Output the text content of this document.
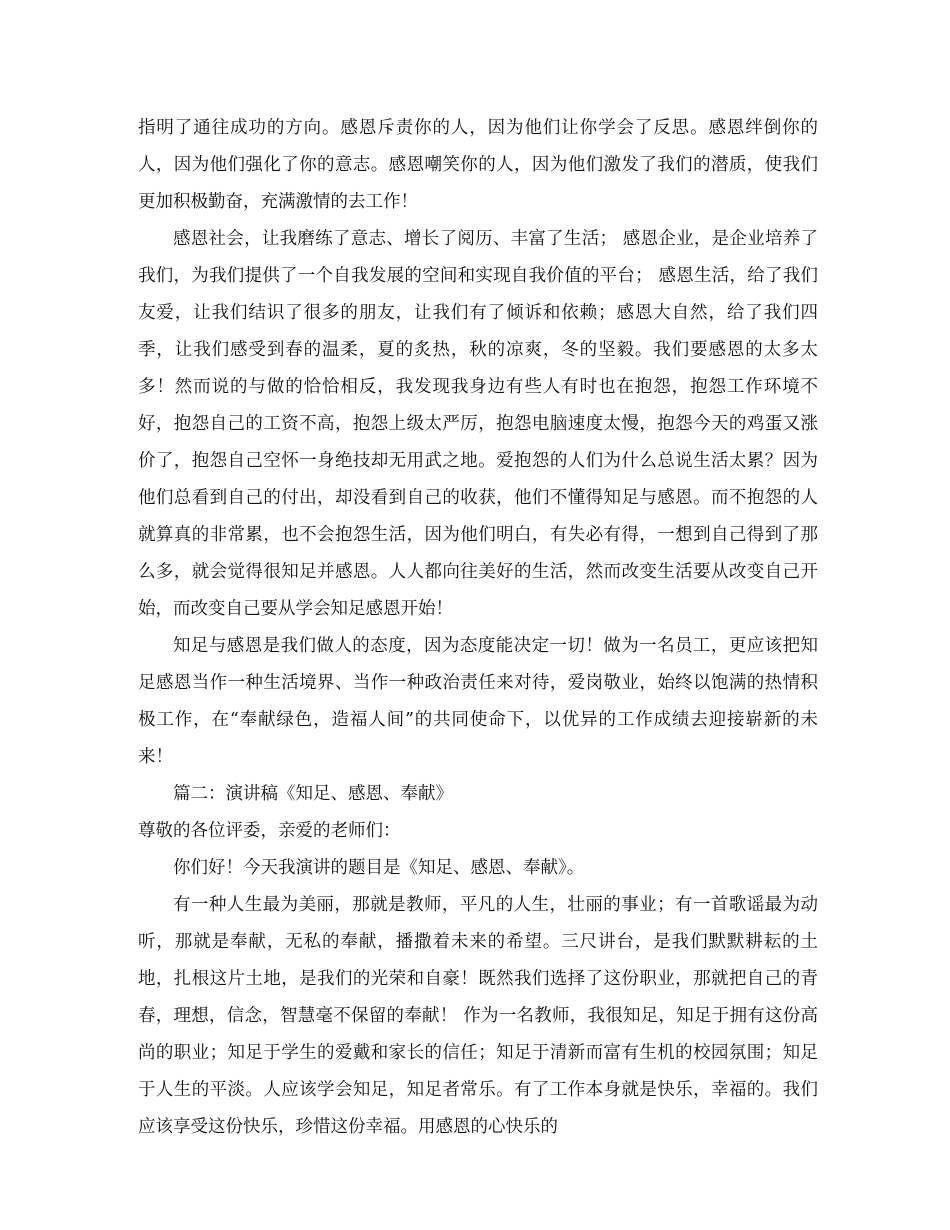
指明了通往成功的方向。感恩斥责你的人，因为他们让你学会了反思。感恩绊倒你的人，因为他们强化了你的意志。感恩嘲笑你的人，因为他们激发了我们的潜质，使我们更加积极勤奋，充满激情的去工作！

感恩社会，让我磨练了意志、增长了阅历、丰富了生活； 感恩企业，是企业培养了我们，为我们提供了一个自我发展的空间和实现自我价值的平台； 感恩生活，给了我们友爱，让我们结识了很多的朋友，让我们有了倾诉和依赖；感恩大自然，给了我们四季，让我们感受到春的温柔，夏的炙热，秋的凉爽，冬的坚毅。我们要感恩的太多太多！然而说的与做的恰恰相反，我发现我身边有些人有时也在抱怨，抱怨工作环境不好，抱怨自己的工资不高，抱怨上级太严厉，抱怨电脑速度太慢，抱怨今天的鸡蛋又涨价了，抱怨自己空怀一身绝技却无用武之地。爱抱怨的人们为什么总说生活太累？因为他们总看到自己的付出，却没看到自己的收获，他们不懂得知足与感恩。而不抱怨的人就算真的非常累，也不会抱怨生活，因为他们明白，有失必有得，一想到自己得到了那么多，就会觉得很知足并感恩。人人都向往美好的生活，然而改变生活要从改变自己开始，而改变自己要从学会知足感恩开始！

知足与感恩是我们做人的态度，因为态度能决定一切！做为一名员工，更应该把知足感恩当作一种生活境界、当作一种政治责任来对待，爱岗敬业，始终以饱满的热情积极工作，在“奉献绿色，造福人间”的共同使命下，以优异的工作成绩去迎接崭新的未来！

篇二：演讲稿《知足、感恩、奉献》

尊敬的各位评委，亲爱的老师们：

你们好！今天我演讲的题目是《知足、感恩、奉献》。

有一种人生最为美丽，那就是教师，平凡的人生，壮丽的事业；有一首歌谣最为动听，那就是奉献，无私的奉献，播撒着未来的希望。三尺讲台，是我们默默耕耘的土地，扎根这片土地，是我们的光荣和自豪！既然我们选择了这份职业，那就把自己的青春，理想，信念，智慧毫不保留的奉献！ 作为一名教师，我很知足，知足于拥有这份高尚的职业；知足于学生的爱戴和家长的信任；知足于清新而富有生机的校园氛围；知足于人生的平淡。人应该学会知足，知足者常乐。有了工作本身就是快乐，幸福的。我们应该享受这份快乐，珍惜这份幸福。用感恩的心快乐的
